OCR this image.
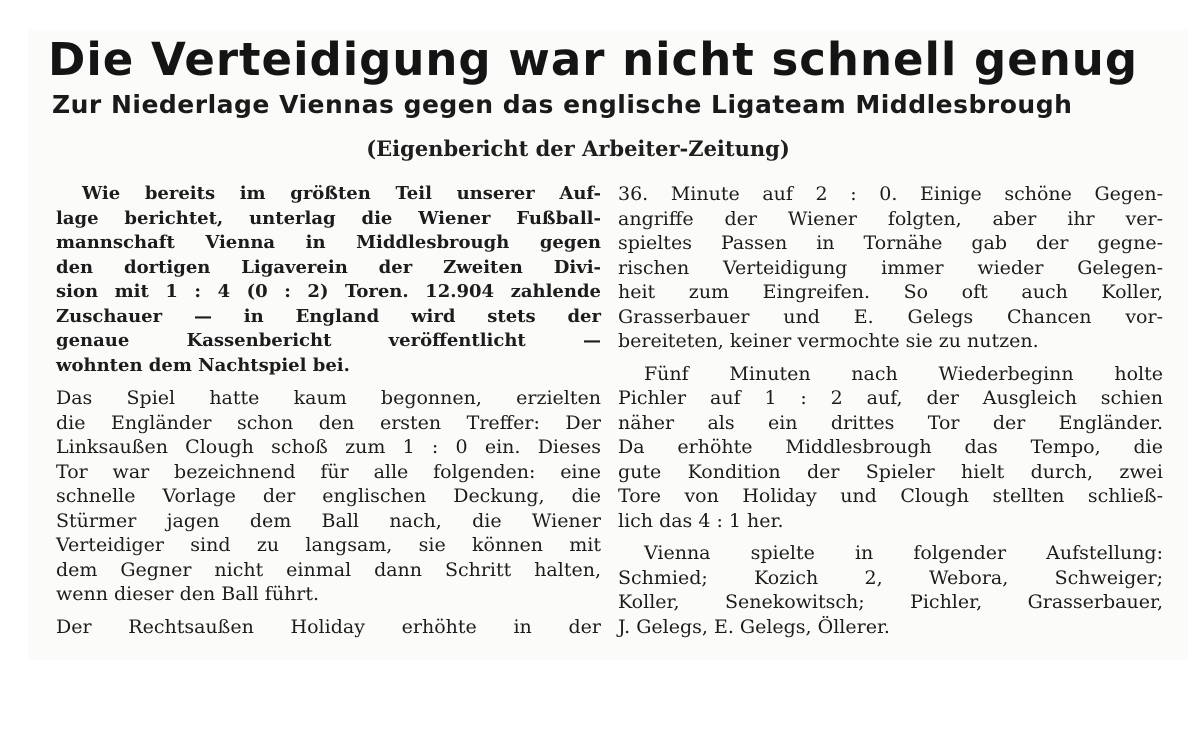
Die Verteidigung war nicht schnell genug
Zur Niederlage Viennas gegen das englische Ligateam Middlesbrough

(Eigenbericht der Arbeiter-Zeitung)

Wie bereits im größten Teil unserer Auf-
lage berichtet, unterlag die Wiener Fußball-
mannschaft Vienna in Middlesbrough gegen
den dortigen Ligaverein der Zweiten Divi-
sion mit 1 : 4 (0 : 2) Toren. 12.904 zahlende
Zuschauer — in England wird stets der
genaue Kassenbericht veröffentlicht —
wohnten dem Nachtspiel bei.
Das Spiel hatte kaum begonnen, erzielten
die Engländer schon den ersten Treffer: Der
Linksaußen Clough schoß zum 1 : 0 ein. Dieses
Tor war bezeichnend für alle folgenden: eine
schnelle Vorlage der englischen Deckung, die
Stürmer jagen dem Ball nach, die Wiener
Verteidiger sind zu langsam, sie können mit
dem Gegner nicht einmal dann Schritt halten,
wenn dieser den Ball führt.
Der Rechtsaußen Holiday erhöhte in der
36. Minute auf 2 : 0. Einige schöne Gegen-
angriffe der Wiener folgten, aber ihr ver-
spieltes Passen in Tornähe gab der gegne-
rischen Verteidigung immer wieder Gelegen-
heit zum Eingreifen. So oft auch Koller,
Grasserbauer und E. Gelegs Chancen vor-
bereiteten, keiner vermochte sie zu nutzen.
Fünf Minuten nach Wiederbeginn holte
Pichler auf 1 : 2 auf, der Ausgleich schien
näher als ein drittes Tor der Engländer.
Da erhöhte Middlesbrough das Tempo, die
gute Kondition der Spieler hielt durch, zwei
Tore von Holiday und Clough stellten schließ-
lich das 4 : 1 her.
Vienna spielte in folgender Aufstellung:
Schmied; Kozich 2, Webora, Schweiger;
Koller, Senekowitsch; Pichler, Grasserbauer,
J. Gelegs, E. Gelegs, Öllerer.
